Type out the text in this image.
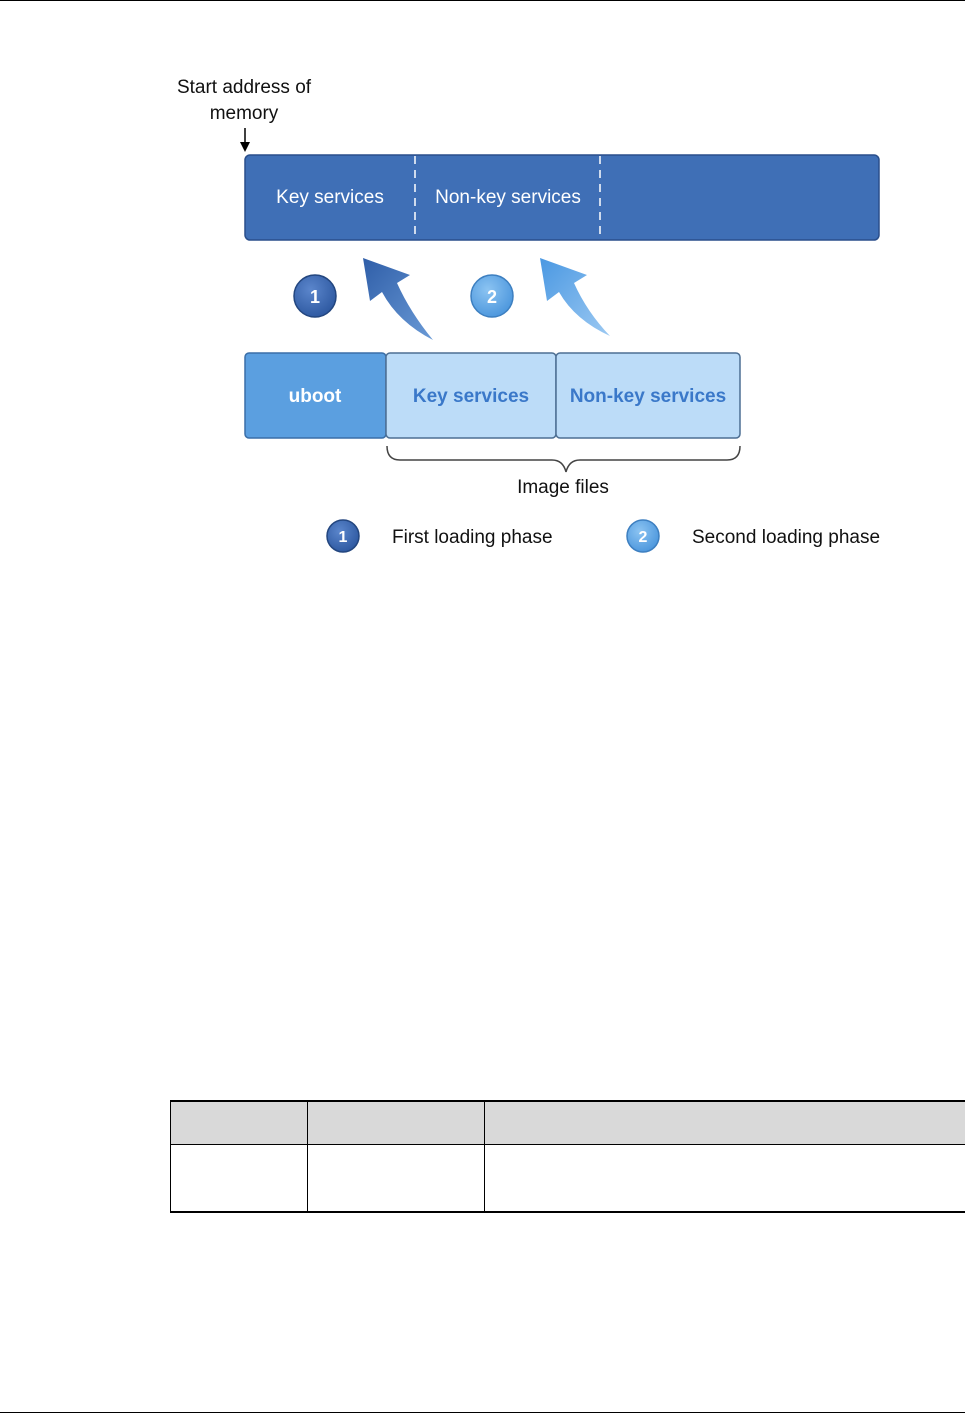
Start address of
memory
Key services	Non-key services
1	2
uboot	Key services Non-key services
Image files
1 First loading phase	2 Second loading phase
